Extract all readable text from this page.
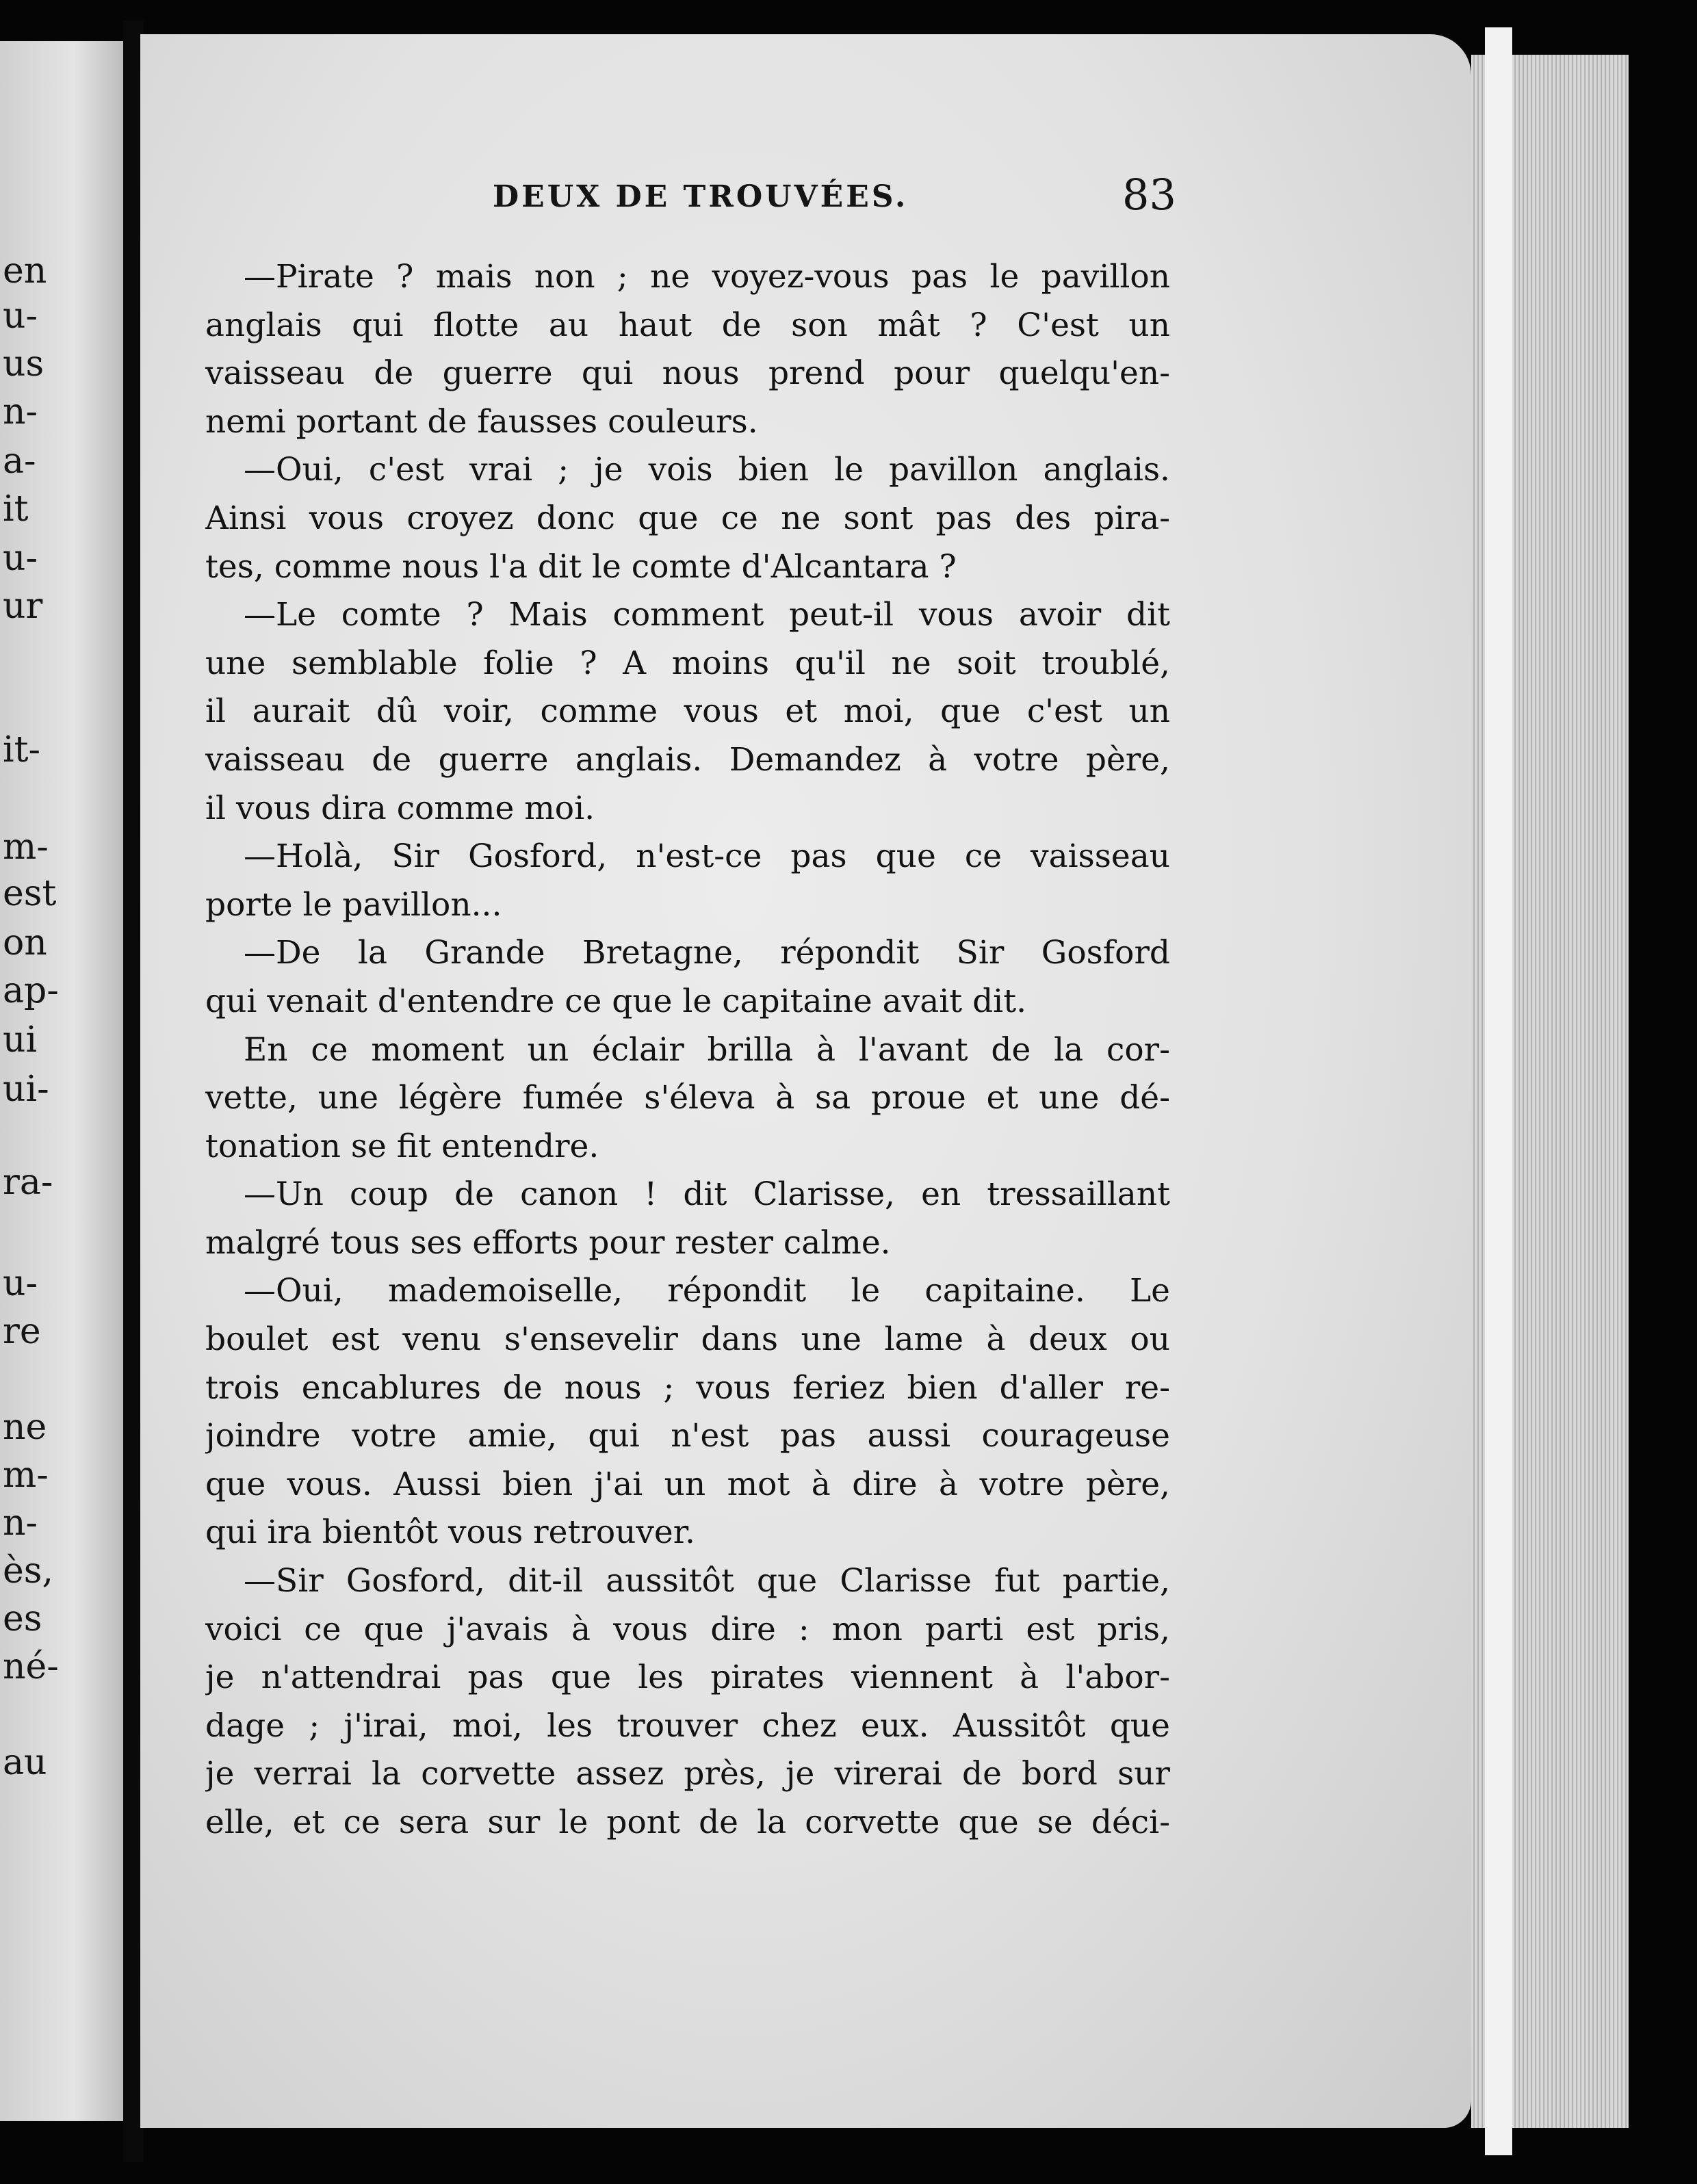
en
u-
us
n-
a-
it
u-
ur
it-
m-
est
on
ap-
ui
ui-
ra-
u-
re
ne
m-
n-
ès,
es
né-
au
DEUX DE TROUVÉES.	83
—Pirate ? mais non ; ne voyez-vous pas le pavillon
anglais qui flotte au haut de son mât ? C'est un
vaisseau de guerre qui nous prend pour quelqu'en-
nemi portant de fausses couleurs.
—Oui, c'est vrai ; je vois bien le pavillon anglais.
Ainsi vous croyez donc que ce ne sont pas des pira-
tes, comme nous l'a dit le comte d'Alcantara ?
—Le comte ? Mais comment peut-il vous avoir dit
une semblable folie ? A moins qu'il ne soit troublé,
il aurait dû voir, comme vous et moi, que c'est un
vaisseau de guerre anglais. Demandez à votre père,
il vous dira comme moi.
—Holà, Sir Gosford, n'est-ce pas que ce vaisseau
porte le pavillon...
—De la Grande Bretagne, répondit Sir Gosford
qui venait d'entendre ce que le capitaine avait dit.
En ce moment un éclair brilla à l'avant de la cor-
vette, une légère fumée s'éleva à sa proue et une dé-
tonation se fit entendre.
—Un coup de canon ! dit Clarisse, en tressaillant
malgré tous ses efforts pour rester calme.
—Oui, mademoiselle, répondit le capitaine. Le
boulet est venu s'ensevelir dans une lame à deux ou
trois encablures de nous ; vous feriez bien d'aller re-
joindre votre amie, qui n'est pas aussi courageuse
que vous. Aussi bien j'ai un mot à dire à votre père,
qui ira bientôt vous retrouver.
—Sir Gosford, dit-il aussitôt que Clarisse fut partie,
voici ce que j'avais à vous dire : mon parti est pris,
je n'attendrai pas que les pirates viennent à l'abor-
dage ; j'irai, moi, les trouver chez eux. Aussitôt que
je verrai la corvette assez près, je virerai de bord sur
elle, et ce sera sur le pont de la corvette que se déci-
